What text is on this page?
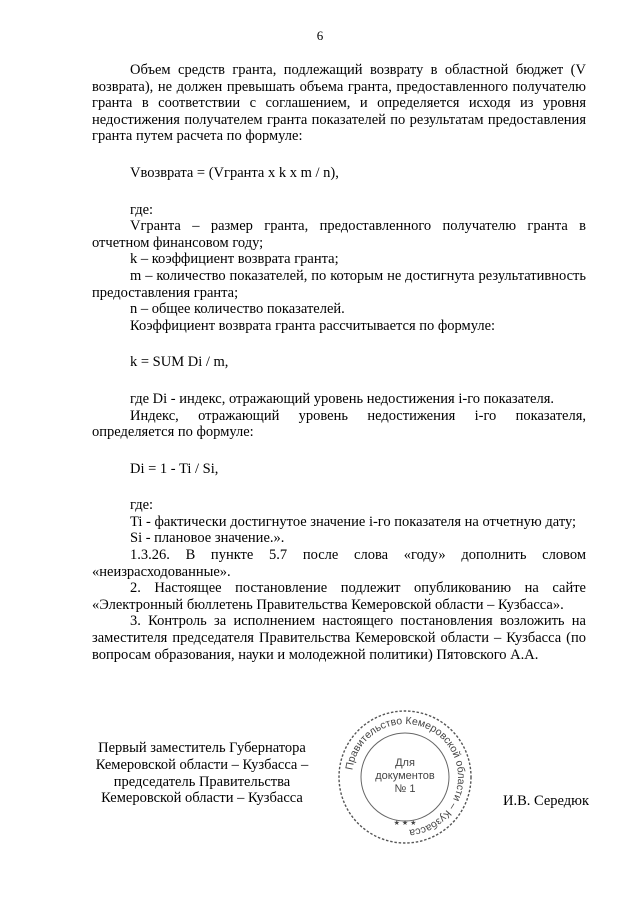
6

Объем средств гранта, подлежащий возврату в областной бюджет (V возврата), не должен превышать объема гранта, предоставленного получателю гранта в соответствии с соглашением, и определяется исходя из уровня недостижения получателем гранта показателей по результатам предоставления гранта путем расчета по формуле:

Vвозврата = (Vгранта x k x m / n),

где:

Vгранта – размер гранта, предоставленного получателю гранта в отчетном финансовом году;

k – коэффициент возврата гранта;

m – количество показателей, по которым не достигнута результативность предоставления гранта;

n – общее количество показателей.

Коэффициент возврата гранта рассчитывается по формуле:

k = SUM Di / m,

где Di - индекс, отражающий уровень недостижения i-го показателя.

Индекс, отражающий уровень недостижения i-го показателя, определяется по формуле:

Di = 1 - Ti / Si,

где:

Ti - фактически достигнутое значение i-го показателя на отчетную дату;

Si - плановое значение.».

1.3.26. В пункте 5.7 после слова «году» дополнить словом «неизрасходованные».

2. Настоящее постановление подлежит опубликованию на сайте «Электронный бюллетень Правительства Кемеровской области – Кузбасса».

3. Контроль за исполнением настоящего постановления возложить на заместителя председателя Правительства Кемеровской области – Кузбасса (по вопросам образования, науки и молодежной политики) Пятовского А.А.

Первый заместитель Губернатора
Кемеровской области – Кузбасса –
председатель Правительства
Кемеровской области – Кузбасса
Правительство Кемеровской области – Кузбасса
★ ★ ★
Для
документов
№ 1
И.В. Середюк
